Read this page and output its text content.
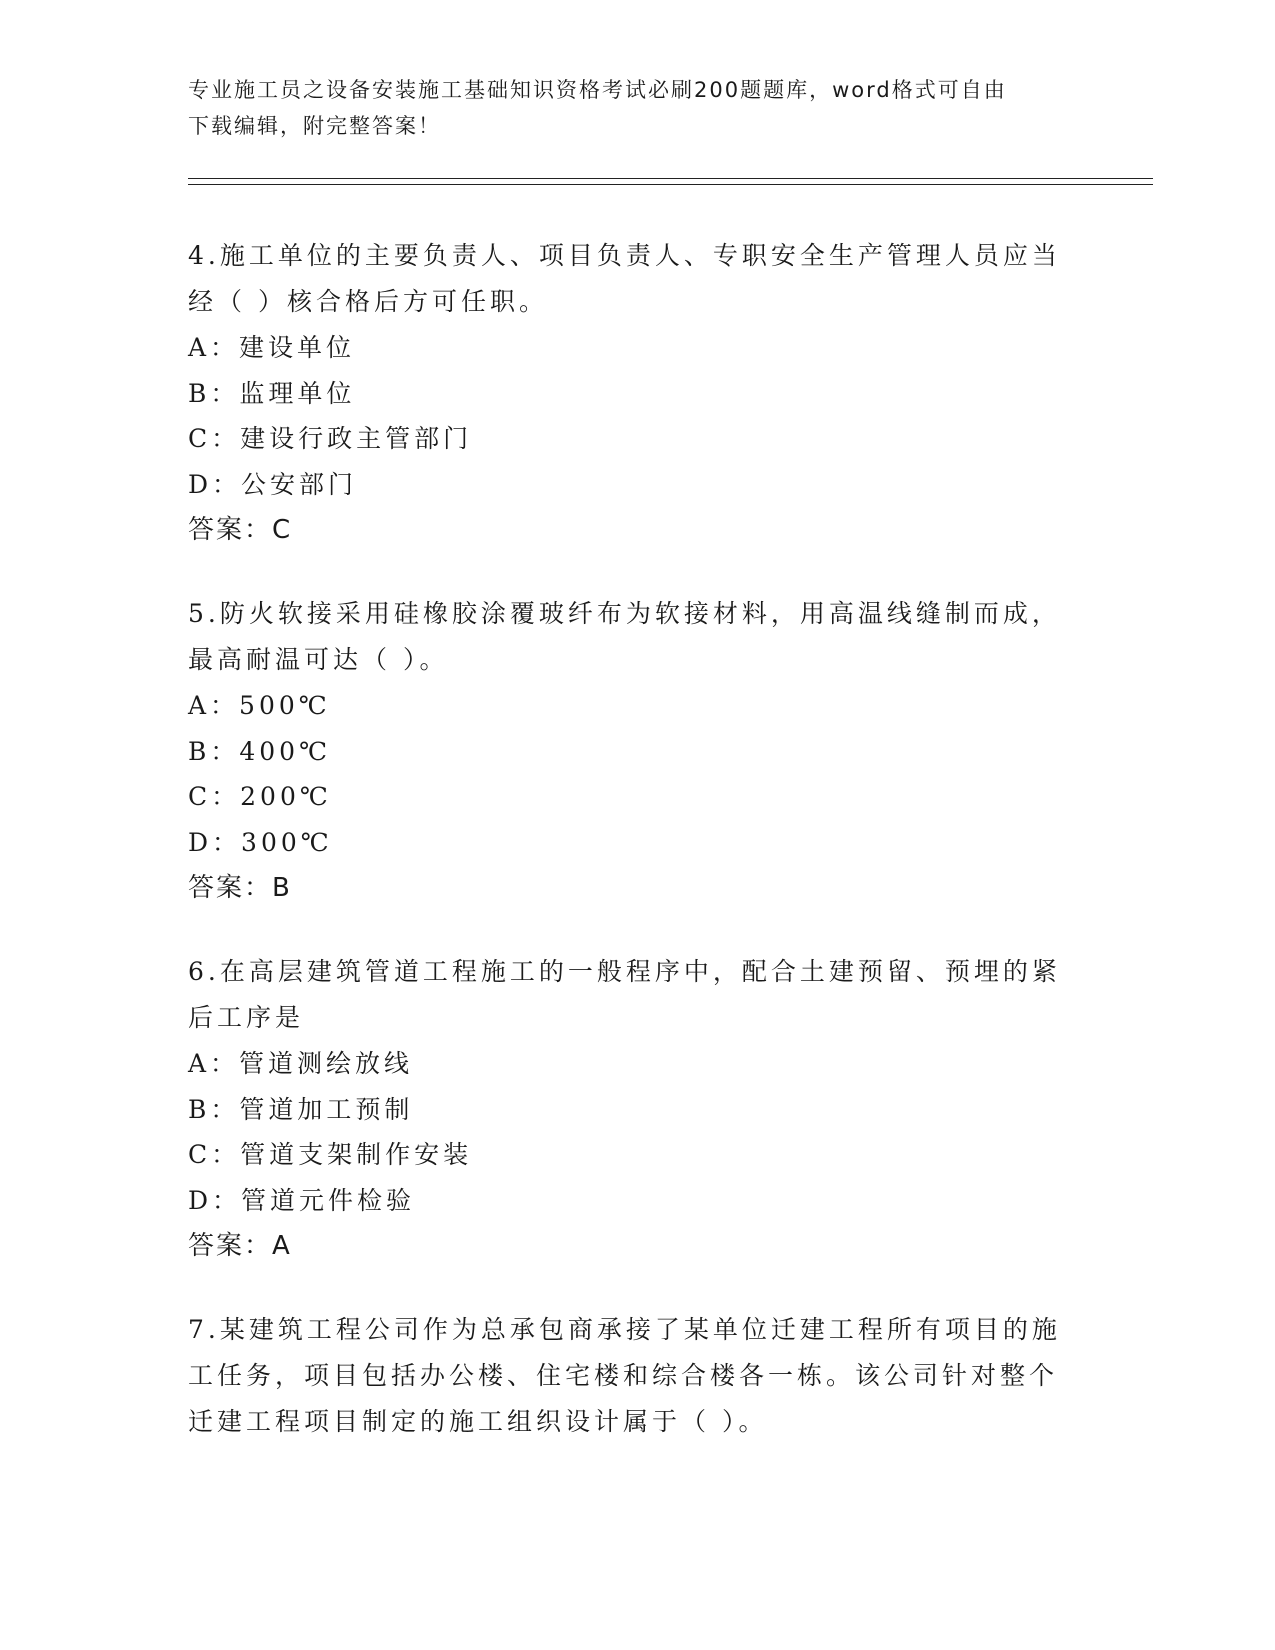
专业施工员之设备安装施工基础知识资格考试必刷200题题库，word格式可自由
下载编辑，附完整答案！

4.施工单位的主要负责人、项目负责人、专职安全生产管理人员应当

经（ ）核合格后方可任职。

A：建设单位

B：监理单位

C：建设行政主管部门

D：公安部门

答案：C

5.防火软接采用硅橡胶涂覆玻纤布为软接材料，用高温线缝制而成，

最高耐温可达（ ）。

A：500℃

B：400℃

C：200℃

D：300℃

答案：B

6.在高层建筑管道工程施工的一般程序中，配合土建预留、预埋的紧

后工序是

A：管道测绘放线

B：管道加工预制

C：管道支架制作安装

D：管道元件检验

答案：A

7.某建筑工程公司作为总承包商承接了某单位迁建工程所有项目的施

工任务，项目包括办公楼、住宅楼和综合楼各一栋。该公司针对整个

迁建工程项目制定的施工组织设计属于（ ）。
